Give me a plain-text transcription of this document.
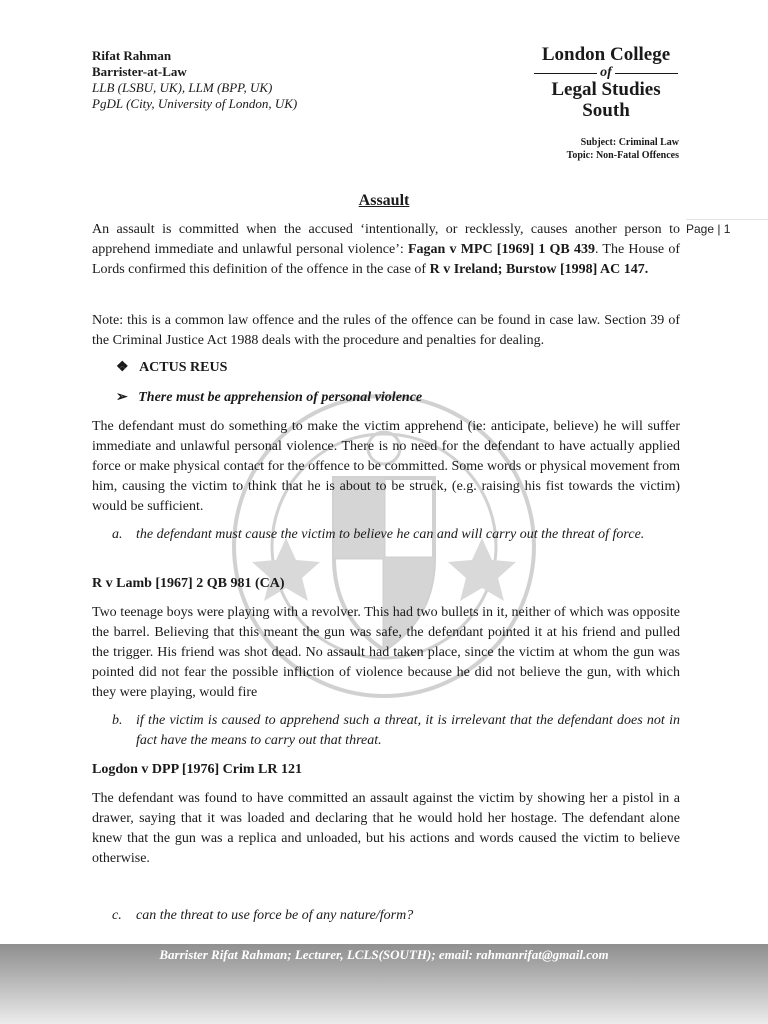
Rifat Rahman
Barrister-at-Law
LLB (LSBU, UK), LLM (BPP, UK)
PgDL (City, University of London, UK)
London College
of
Legal Studies
South
Subject: Criminal Law
Topic: Non-Fatal Offences
Page | 1
Assault
An assault is committed when the accused ‘intentionally, or recklessly, causes another person to apprehend immediate and unlawful personal violence’: Fagan v MPC [1969] 1 QB 439. The House of Lords confirmed this definition of the offence in the case of R v Ireland; Burstow [1998] AC 147.
Note: this is a common law offence and the rules of the offence can be found in case law. Section 39 of the Criminal Justice Act 1988 deals with the procedure and penalties for dealing.
❖ ACTUS REUS
➢ There must be apprehension of personal violence
The defendant must do something to make the victim apprehend (ie: anticipate, believe) he will suffer immediate and unlawful personal violence. There is no need for the defendant to have actually applied force or make physical contact for the offence to be committed. Some words or physical movement from him, causing the victim to think that he is about to be struck, (e.g. raising his fist towards the victim) would be sufficient.
a. the defendant must cause the victim to believe he can and will carry out the threat of force.
R v Lamb [1967] 2 QB 981 (CA)
Two teenage boys were playing with a revolver. This had two bullets in it, neither of which was opposite the barrel. Believing that this meant the gun was safe, the defendant pointed it at his friend and pulled the trigger. His friend was shot dead. No assault had taken place, since the victim at whom the gun was pointed did not fear the possible infliction of violence because he did not believe the gun, with which they were playing, would fire
b. if the victim is caused to apprehend such a threat, it is irrelevant that the defendant does not in fact have the means to carry out that threat.
Logdon v DPP [1976] Crim LR 121
The defendant was found to have committed an assault against the victim by showing her a pistol in a drawer, saying that it was loaded and declaring that he would hold her hostage. The defendant alone knew that the gun was a replica and unloaded, but his actions and words caused the victim to believe otherwise.
c.	can the threat to use force be of any nature/form?
Barrister Rifat Rahman; Lecturer, LCLS(SOUTH); email: rahmanrifat@gmail.com
